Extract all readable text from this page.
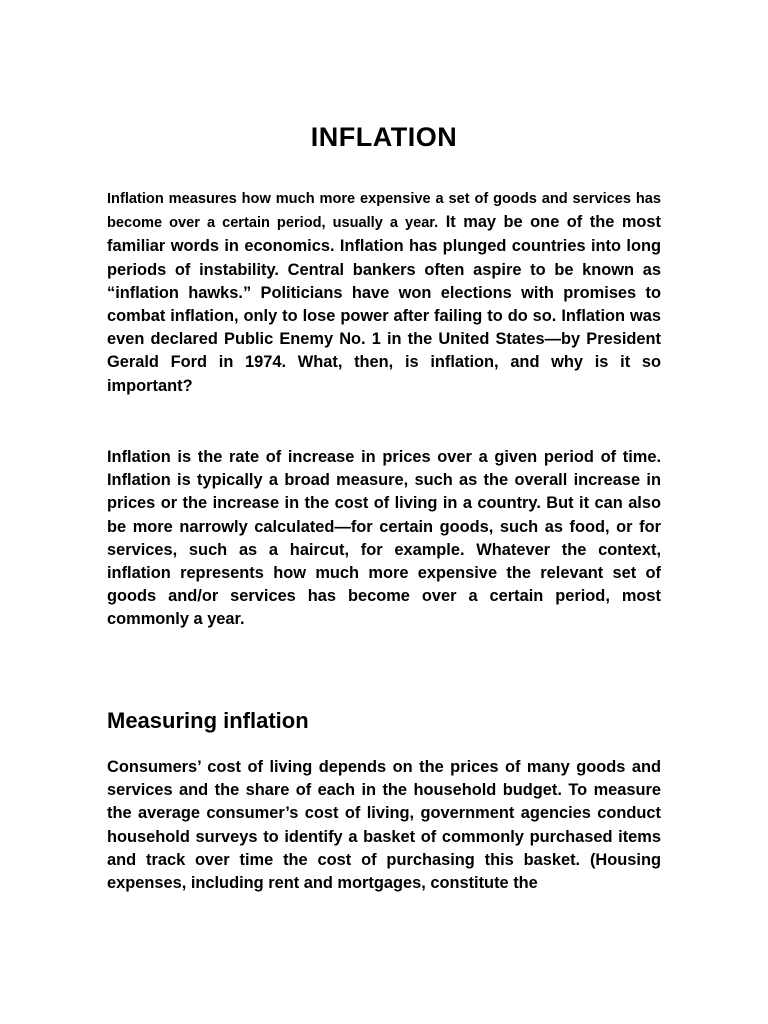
INFLATION

Inflation measures how much more expensive a set of goods and services has become over a certain period, usually a year. It may be one of the most familiar words in economics. Inflation has plunged countries into long periods of instability. Central bankers often aspire to be known as “inflation hawks.” Politicians have won elections with promises to combat inflation, only to lose power after failing to do so. Inflation was even declared Public Enemy No. 1 in the United States—by President Gerald Ford in 1974. What, then, is inflation, and why is it so important?

Inflation is the rate of increase in prices over a given period of time. Inflation is typically a broad measure, such as the overall increase in prices or the increase in the cost of living in a country. But it can also be more narrowly calculated—for certain goods, such as food, or for services, such as a haircut, for example. Whatever the context, inflation represents how much more expensive the relevant set of goods and/or services has become over a certain period, most commonly a year.

Measuring inflation

Consumers’ cost of living depends on the prices of many goods and services and the share of each in the household budget. To measure the average consumer’s cost of living, government agencies conduct household surveys to identify a basket of commonly purchased items and track over time the cost of purchasing this basket. (Housing expenses, including rent and mortgages, constitute the
